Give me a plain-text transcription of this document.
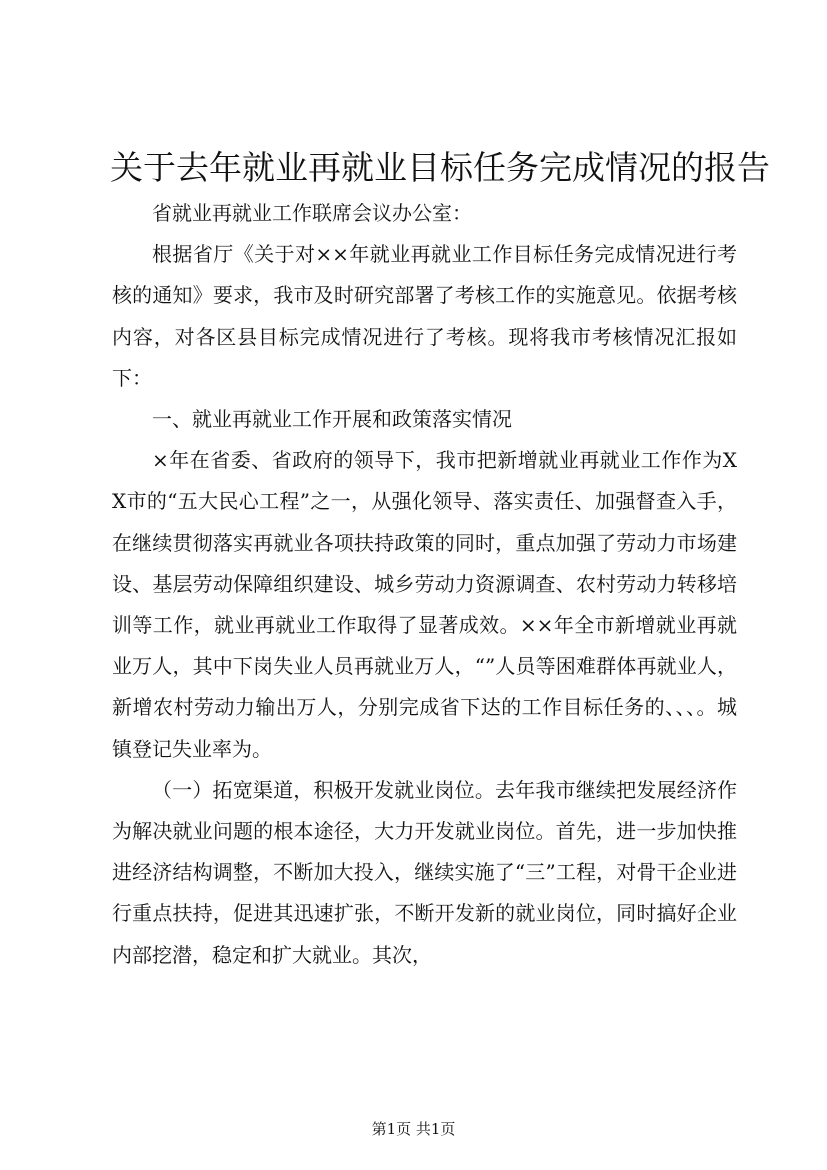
关于去年就业再就业目标任务完成情况的报告

省就业再就业工作联席会议办公室：

根据省厅《关于对××年就业再就业工作目标任务完成情况进行考核的通知》要求，我市及时研究部署了考核工作的实施意见。依据考核内容，对各区县目标完成情况进行了考核。现将我市考核情况汇报如下：

一、就业再就业工作开展和政策落实情况

×年在省委、省政府的领导下，我市把新增就业再就业工作作为XX市的“五大民心工程”之一，从强化领导、落实责任、加强督查入手，在继续贯彻落实再就业各项扶持政策的同时，重点加强了劳动力市场建设、基层劳动保障组织建设、城乡劳动力资源调查、农村劳动力转移培训等工作，就业再就业工作取得了显著成效。××年全市新增就业再就业万人，其中下岗失业人员再就业万人，“”人员等困难群体再就业人，新增农村劳动力输出万人，分别完成省下达的工作目标任务的、、、。城镇登记失业率为。

（一）拓宽渠道，积极开发就业岗位。去年我市继续把发展经济作为解决就业问题的根本途径，大力开发就业岗位。首先，进一步加快推进经济结构调整，不断加大投入，继续实施了“三”工程，对骨干企业进行重点扶持，促进其迅速扩张，不断开发新的就业岗位，同时搞好企业内部挖潜，稳定和扩大就业。其次，

第1页 共1页
